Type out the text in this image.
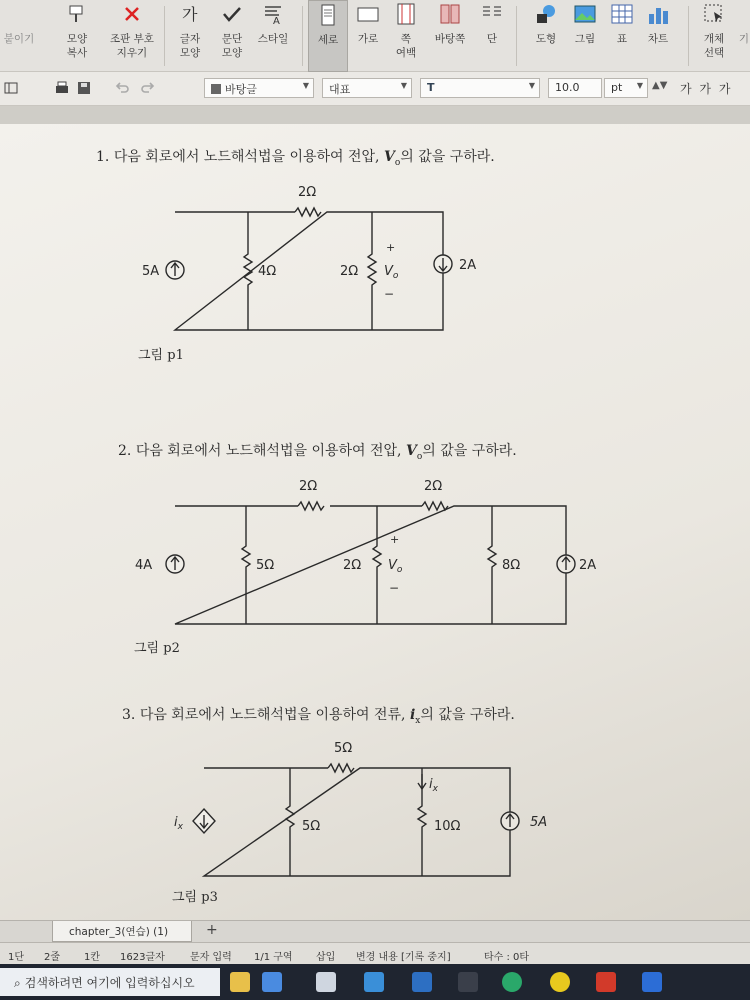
붙이기	모양
복사
조판 부호
지우기
가
글자
모양
문단
모양
A
스타일	세로 가로	쪽
여백
바탕쪽 단	도형 그림 표 차트	개체
선택
기
바탕글	▼	대표	▼	T	▼	10.0	pt ▼ ▲▼ 가 가 가
1. 다음 회로에서 노드해석법을 이용하여 전압, $V_o$의 값을 구하라.
그림 p1
2. 다음 회로에서 노드해석법을 이용하여 전압, $V_o$의 값을 구하라.
그림 p2
3. 다음 회로에서 노드해석법을 이용하여 전류, $i_x$의 값을 구하라.
그림 p3
2Ω
5A	4Ω	2Ω
+
$V_o$
−
2A
2Ω	2Ω
4A	5Ω	2Ω
+
$V_o$
−
8Ω	2A
5Ω
$i_x$	5Ω	10Ω	5A
$i_x$
chapter_3(연습) (1)	+
1단 2줄 1칸 1623글자	문자 입력 1/1 구역 삽입 변경 내용 [기록 중지]	타수 : 0타
⌕ 검색하려면 여기에 입력하십시오
